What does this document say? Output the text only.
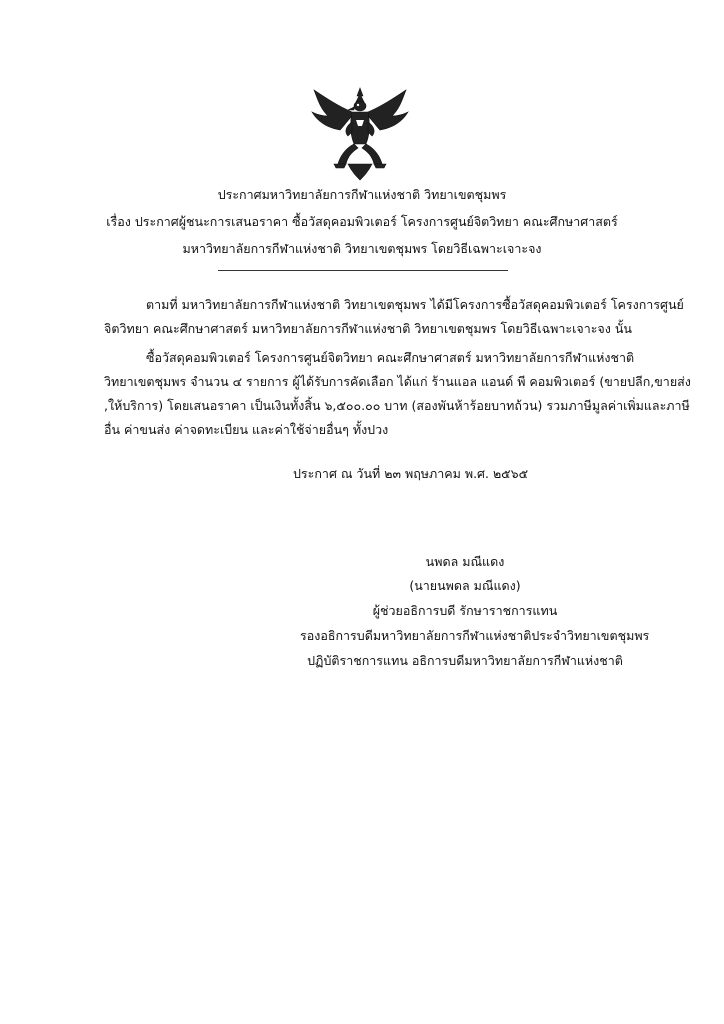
ประกาศมหาวิทยาลัยการกีฬาแห่งชาติ วิทยาเขตชุมพร
เรื่อง ประกาศผู้ชนะการเสนอราคา ซื้อวัสดุคอมพิวเตอร์ โครงการศูนย์จิตวิทยา คณะศึกษาศาสตร์
มหาวิทยาลัยการกีฬาแห่งชาติ วิทยาเขตชุมพร โดยวิธีเฉพาะเจาะจง
ตามที่ มหาวิทยาลัยการกีฬาแห่งชาติ วิทยาเขตชุมพร ได้มีโครงการซื้อวัสดุคอมพิวเตอร์ โครงการศูนย์
จิตวิทยา คณะศึกษาศาสตร์ มหาวิทยาลัยการกีฬาแห่งชาติ วิทยาเขตชุมพร โดยวิธีเฉพาะเจาะจง นั้น
ซื้อวัสดุคอมพิวเตอร์ โครงการศูนย์จิตวิทยา คณะศึกษาศาสตร์ มหาวิทยาลัยการกีฬาแห่งชาติ
วิทยาเขตชุมพร จำนวน ๔ รายการ ผู้ได้รับการคัดเลือก ได้แก่ ร้านแอล แอนด์ พี คอมพิวเตอร์ (ขายปลีก,ขายส่ง
,ให้บริการ) โดยเสนอราคา เป็นเงินทั้งสิ้น ๖,๕๐๐.๐๐ บาท (สองพันห้าร้อยบาทถ้วน) รวมภาษีมูลค่าเพิ่มและภาษี
อื่น ค่าขนส่ง ค่าจดทะเบียน และค่าใช้จ่ายอื่นๆ ทั้งปวง
ประกาศ ณ วันที่ ๒๓ พฤษภาคม พ.ศ. ๒๕๖๕
นพดล มณีแดง
(นายนพดล มณีแดง)
ผู้ช่วยอธิการบดี รักษาราชการแทน
รองอธิการบดีมหาวิทยาลัยการกีฬาแห่งชาติประจำวิทยาเขตชุมพร
ปฏิบัติราชการแทน อธิการบดีมหาวิทยาลัยการกีฬาแห่งชาติ
